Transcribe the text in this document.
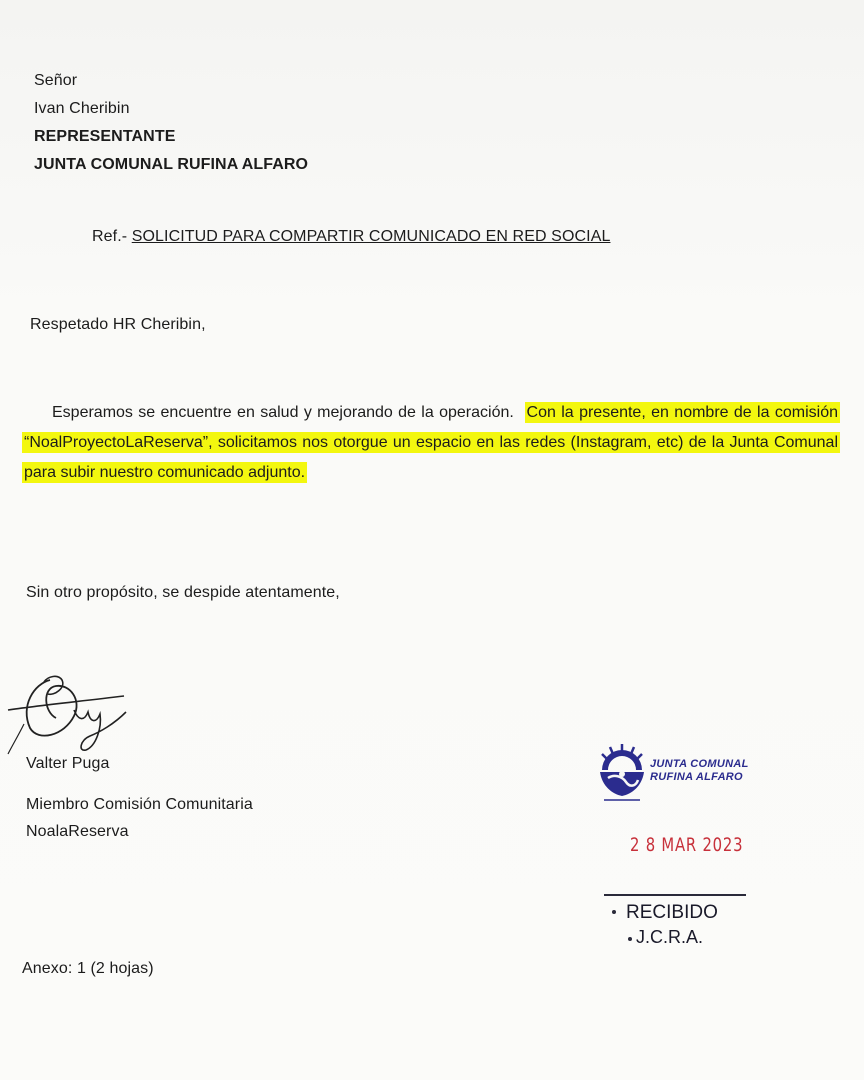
Señor
Ivan Cheribin
REPRESENTANTE
JUNTA COMUNAL RUFINA ALFARO
Ref.- SOLICITUD PARA COMPARTIR COMUNICADO EN RED SOCIAL
Respetado HR Cheribin,

Esperamos se encuentre en salud y mejorando de la operación. Con la presente, en nombre de la comisión “NoalProyectoLaReserva”, solicitamos nos otorgue un espacio en las redes (Instagram, etc) de la Junta Comunal para subir nuestro comunicado adjunto.

Sin otro propósito, se despide atentamente,
Valter Puga
Miembro Comisión Comunitaria
NoalaReserva
Anexo: 1 (2 hojas)
JUNTA COMUNAL
RUFINA ALFARO
2 8 MAR 2023
RECIBIDO
J.C.R.A.
